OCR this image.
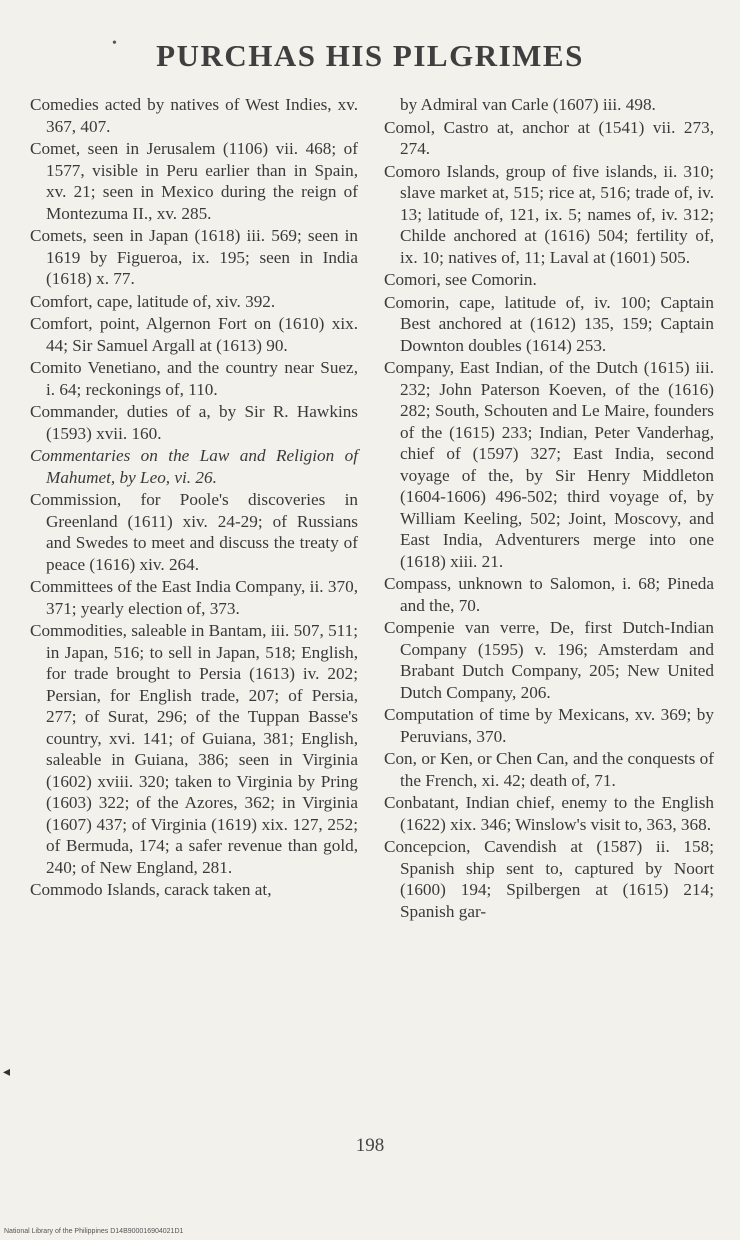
•	PURCHAS HIS PILGRIMES

Comedies acted by natives of West Indies, xv. 367, 407.

Comet, seen in Jerusalem (1106) vii. 468; of 1577, visible in Peru earlier than in Spain, xv. 21; seen in Mexico during the reign of Montezuma II., xv. 285.

Comets, seen in Japan (1618) iii. 569; seen in 1619 by Figueroa, ix. 195; seen in India (1618) x. 77.

Comfort, cape, latitude of, xiv. 392.

Comfort, point, Algernon Fort on (1610) xix. 44; Sir Samuel Argall at (1613) 90.

Comito Venetiano, and the country near Suez, i. 64; reckonings of, 110.

Commander, duties of a, by Sir R. Hawkins (1593) xvii. 160.

Commentaries on the Law and Religion of Mahumet, by Leo, vi. 26.

Commission, for Poole's discoveries in Greenland (1611) xiv. 24-29; of Russians and Swedes to meet and discuss the treaty of peace (1616) xiv. 264.

Committees of the East India Company, ii. 370, 371; yearly election of, 373.

Commodities, saleable in Bantam, iii. 507, 511; in Japan, 516; to sell in Japan, 518; English, for trade brought to Persia (1613) iv. 202; Persian, for English trade, 207; of Persia, 277; of Surat, 296; of the Tuppan Basse's country, xvi. 141; of Guiana, 381; English, saleable in Guiana, 386; seen in Virginia (1602) xviii. 320; taken to Virginia by Pring (1603) 322; of the Azores, 362; in Virginia (1607) 437; of Virginia (1619) xix. 127, 252; of Bermuda, 174; a safer revenue than gold, 240; of New England, 281.

Commodo Islands, carack taken at,

by Admiral van Carle (1607) iii. 498.

Comol, Castro at, anchor at (1541) vii. 273, 274.

Comoro Islands, group of five islands, ii. 310; slave market at, 515; rice at, 516; trade of, iv. 13; latitude of, 121, ix. 5; names of, iv. 312; Childe anchored at (1616) 504; fertility of, ix. 10; natives of, 11; Laval at (1601) 505.

Comori, see Comorin.

Comorin, cape, latitude of, iv. 100; Captain Best anchored at (1612) 135, 159; Captain Downton doubles (1614) 253.

Company, East Indian, of the Dutch (1615) iii. 232; John Paterson Koeven, of the (1616) 282; South, Schouten and Le Maire, founders of the (1615) 233; Indian, Peter Vanderhag, chief of (1597) 327; East India, second voyage of the, by Sir Henry Middleton (1604-1606) 496-502; third voyage of, by William Keeling, 502; Joint, Moscovy, and East India, Adventurers merge into one (1618) xiii. 21.

Compass, unknown to Salomon, i. 68; Pineda and the, 70.

Compenie van verre, De, first Dutch-Indian Company (1595) v. 196; Amsterdam and Brabant Dutch Company, 205; New United Dutch Company, 206.

Computation of time by Mexicans, xv. 369; by Peruvians, 370.

Con, or Ken, or Chen Can, and the conquests of the French, xi. 42; death of, 71.

Conbatant, Indian chief, enemy to the English (1622) xix. 346; Winslow's visit to, 363, 368.

Concepcion, Cavendish at (1587) ii. 158; Spanish ship sent to, captured by Noort (1600) 194; Spilbergen at (1615) 214; Spanish gar-

◂
198
National Library of the Philippines D14B900016904021D1
